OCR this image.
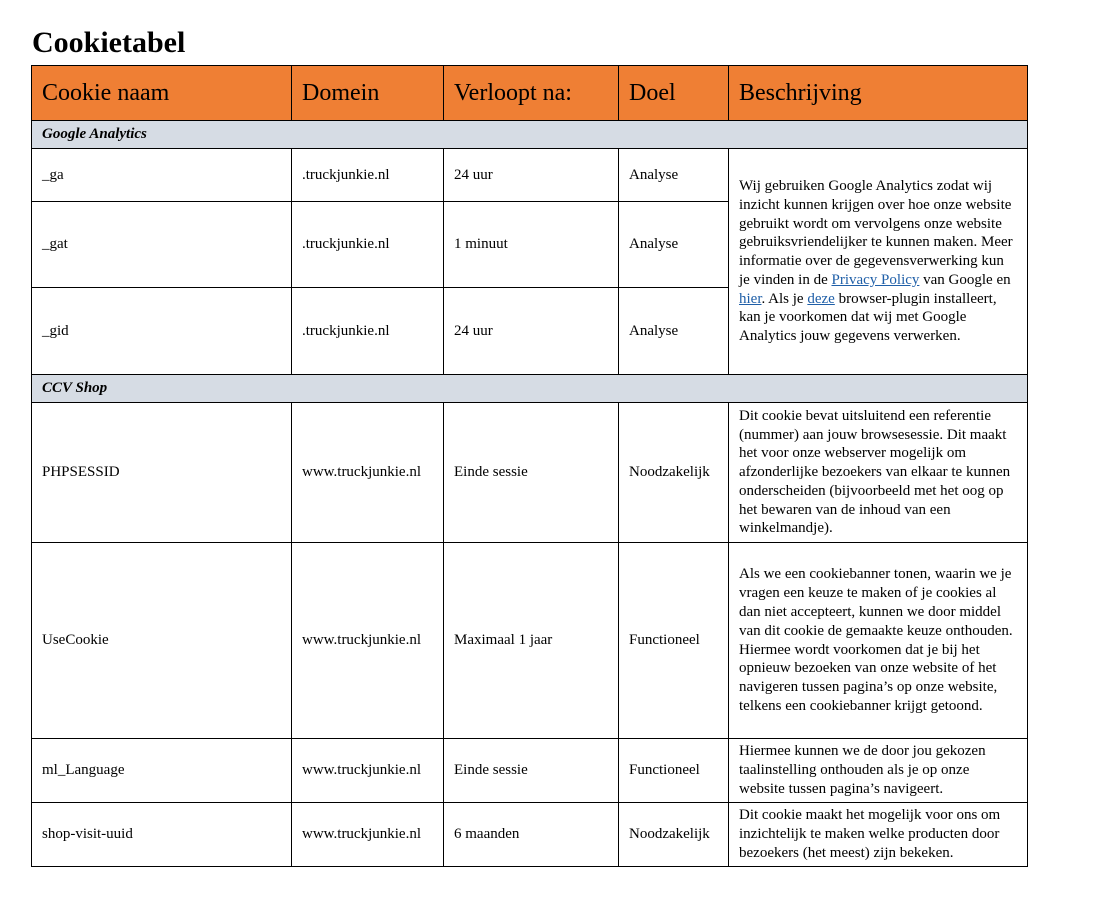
Cookietabel
Cookie naam	Domein	Verloopt na:	Doel	Beschrijving
Google Analytics				
_ga	.truckjunkie.nl	24 uur	Analyse	Wij gebruiken Google Analytics zodat wij inzicht kunnen krijgen over hoe onze website gebruikt wordt om vervolgens onze website gebruiksvriendelijker te kunnen maken. Meer informatie over de gegevensverwerking kun je vinden in de Privacy Policy van Google en hier. Als je deze browser-plugin installeert, kan je voorkomen dat wij met Google Analytics jouw gegevens verwerken.
_gat	.truckjunkie.nl	1 minuut	Analyse	
_gid	.truckjunkie.nl	24 uur	Analyse	
CCV Shop				
PHPSESSID	www.truckjunkie.nl	Einde sessie	Noodzakelijk	Dit cookie bevat uitsluitend een referentie (nummer) aan jouw browsesessie. Dit maakt het voor onze webserver mogelijk om afzonderlijke bezoekers van elkaar te kunnen onderscheiden (bijvoorbeeld met het oog op het bewaren van de inhoud van een winkelmandje).
UseCookie	www.truckjunkie.nl	Maximaal 1 jaar	Functioneel	Als we een cookiebanner tonen, waarin we je vragen een keuze te maken of je cookies al dan niet accepteert, kunnen we door middel van dit cookie de gemaakte keuze onthouden. Hiermee wordt voorkomen dat je bij het opnieuw bezoeken van onze website of het navigeren tussen pagina’s op onze website, telkens een cookiebanner krijgt getoond.
ml_Language	www.truckjunkie.nl	Einde sessie	Functioneel	Hiermee kunnen we de door jou gekozen taalinstelling onthouden als je op onze website tussen pagina’s navigeert.
shop-visit-uuid	www.truckjunkie.nl	6 maanden	Noodzakelijk	Dit cookie maakt het mogelijk voor ons om inzichtelijk te maken welke producten door bezoekers (het meest) zijn bekeken.
